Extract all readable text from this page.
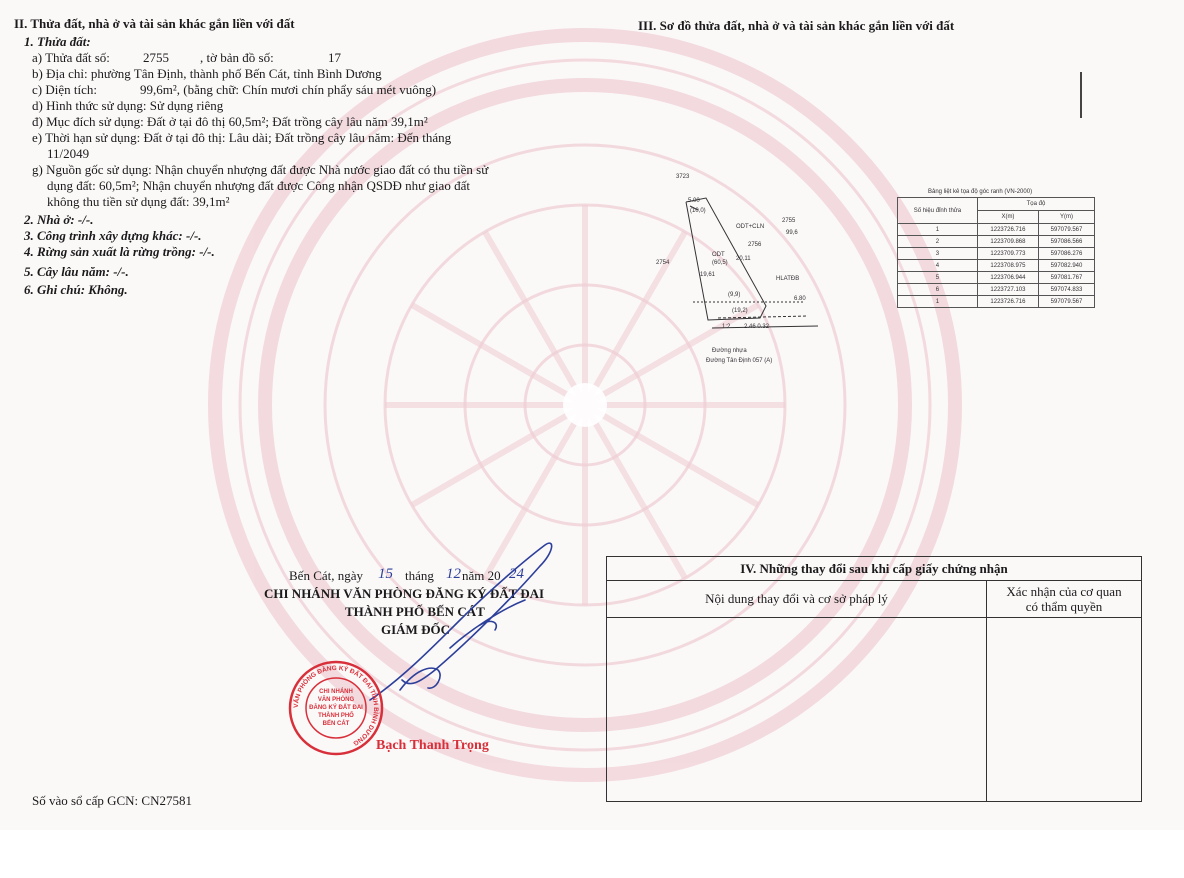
II. Thửa đất, nhà ở và tài sản khác gắn liền với đất
1. Thửa đất:
a) Thửa đất số:	2755 , tờ bản đồ số:	17
b) Địa chỉ: phường Tân Định, thành phố Bến Cát, tỉnh Bình Dương
c) Diện tích:	99,6m², (bằng chữ: Chín mươi chín phẩy sáu mét vuông)
d) Hình thức sử dụng: Sử dụng riêng
đ) Mục đích sử dụng: Đất ở tại đô thị 60,5m²; Đất trồng cây lâu năm 39,1m²
e) Thời hạn sử dụng: Đất ở tại đô thị: Lâu dài; Đất trồng cây lâu năm: Đến tháng
11/2049
g) Nguồn gốc sử dụng: Nhận chuyển nhượng đất được Nhà nước giao đất có thu tiền sử
dụng đất: 60,5m²; Nhận chuyển nhượng đất được Công nhận QSDĐ như giao đất
không thu tiền sử dụng đất: 39,1m²
2. Nhà ở: -/-.
3. Công trình xây dựng khác: -/-.
4. Rừng sản xuất là rừng trồng: -/-.
5. Cây lâu năm: -/-.
6. Ghi chú: Không.
III. Sơ đồ thửa đất, nhà ở và tài sản khác gắn liền với đất
3723
5.00
(10,0)
ODT+CLN
2755
99,6
2756
ODT
(60,5)
2754
20,11
19,61
HLATĐB
(9,9)
(19,2)
6.80
1:2 2.46 0.32
Đường nhựa
Đường Tân Định 057 (A)
Bảng liệt kê tọa độ góc ranh (VN-2000)
Số hiệu đỉnh thửa	Tọa độ	
	X(m)	Y(m)
1	1223726.716	597079.567
2	1223709.868	597086.566
3	1223709.773	597086.276
4	1223708.975	597082.940
5	1223706.944	597081.767
6	1223727.103	597074.833
1	1223726.716	597079.567
Bến Cát, ngày 15 tháng 12 năm 20 24
CHI NHÁNH VĂN PHÒNG ĐĂNG KÝ ĐẤT ĐAI
THÀNH PHỐ BẾN CÁT
GIÁM ĐỐC
VĂN PHÒNG ĐĂNG KÝ ĐẤT ĐAI TỈNH BÌNH DƯƠNG
CHI NHÁNH
VĂN PHÒNG
ĐĂNG KÝ ĐẤT ĐAI
THÀNH PHỐ
BẾN CÁT
Bạch Thanh Trọng
Số vào sổ cấp GCN: CN27581
IV. Những thay đổi sau khi cấp giấy chứng nhận
Nội dung thay đổi và cơ sở pháp lý	Xác nhận của cơ quan
có thẩm quyền
